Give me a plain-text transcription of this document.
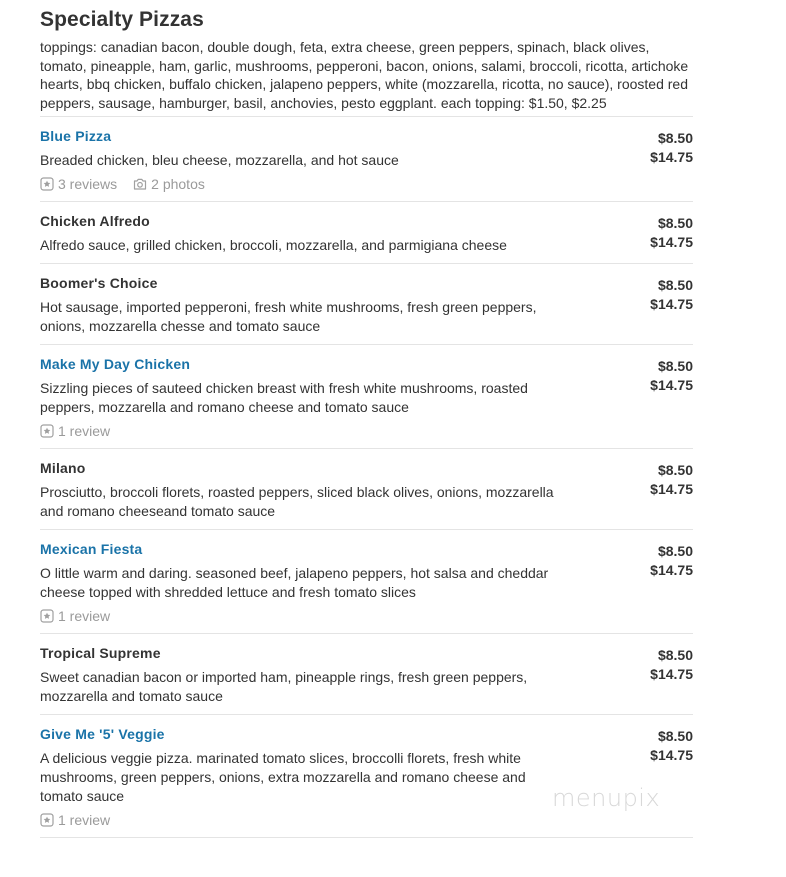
Specialty Pizzas

toppings: canadian bacon, double dough, feta, extra cheese, green peppers, spinach, black olives, tomato, pineapple, ham, garlic, mushrooms, pepperoni, bacon, onions, salami, broccoli, ricotta, artichoke hearts, bbq chicken, buffalo chicken, jalapeno peppers, white (mozzarella, ricotta, no sauce), roosted red peppers, sausage, hamburger, basil, anchovies, pesto eggplant. each topping: $1.50, $2.25

Blue Pizza

Breaded chicken, bleu cheese, mozzarella, and hot sauce

3 reviews 2 photos
$8.50
$14.75

Chicken Alfredo

Alfredo sauce, grilled chicken, broccoli, mozzarella, and parmigiana cheese

$8.50
$14.75

Boomer's Choice

Hot sausage, imported pepperoni, fresh white mushrooms, fresh green peppers, onions, mozzarella chesse and tomato sauce

$8.50
$14.75

Make My Day Chicken

Sizzling pieces of sauteed chicken breast with fresh white mushrooms, roasted peppers, mozzarella and romano cheese and tomato sauce

1 review
$8.50
$14.75

Milano

Prosciutto, broccoli florets, roasted peppers, sliced black olives, onions, mozzarella and romano cheeseand tomato sauce

$8.50
$14.75

Mexican Fiesta

O little warm and daring. seasoned beef, jalapeno peppers, hot salsa and cheddar cheese topped with shredded lettuce and fresh tomato slices

1 review
$8.50
$14.75

Tropical Supreme

Sweet canadian bacon or imported ham, pineapple rings, fresh green peppers, mozzarella and tomato sauce

$8.50
$14.75

Give Me '5' Veggie

A delicious veggie pizza. marinated tomato slices, broccolli florets, fresh white mushrooms, green peppers, onions, extra mozzarella and romano cheese and tomato sauce

1 review
$8.50
$14.75
menupix
